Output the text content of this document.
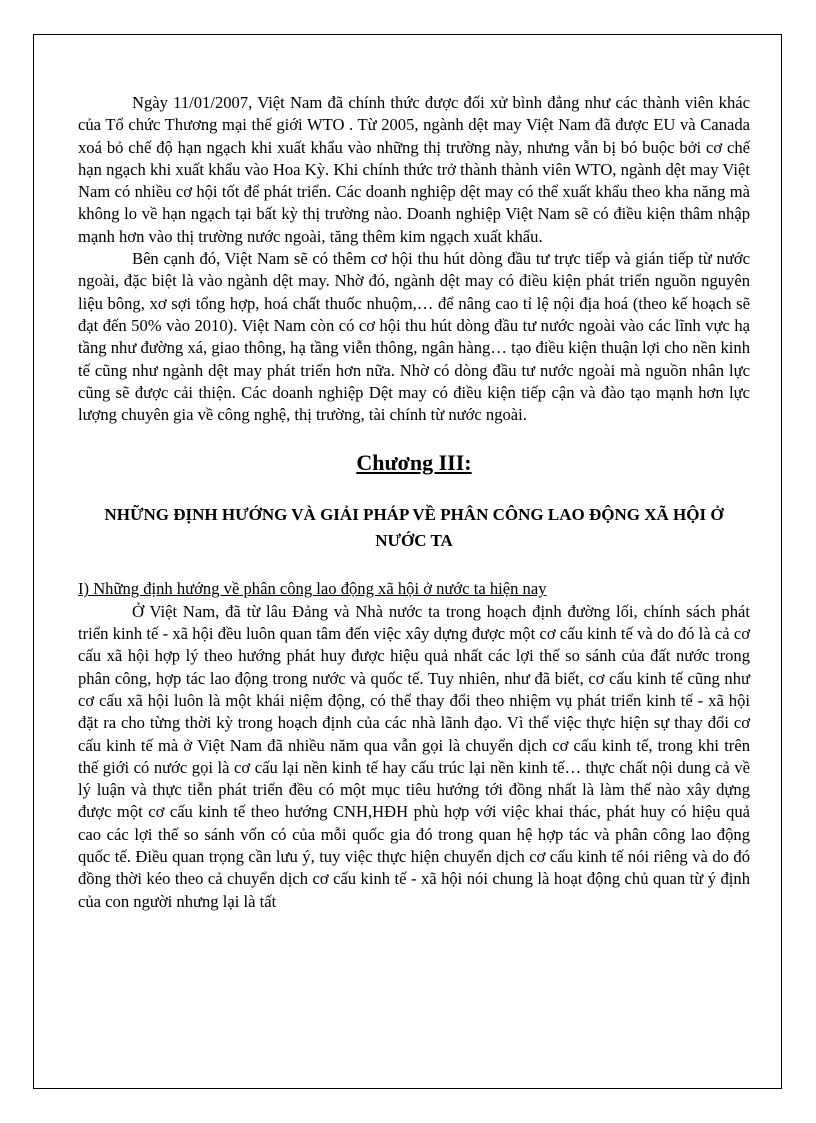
Ngày 11/01/2007, Việt Nam đã chính thức được đối xử bình đẳng như các thành viên khác của Tổ chức Thương mại thế giới WTO . Từ 2005, ngành dệt may Việt Nam đã được EU và Canada xoá bỏ chế độ hạn ngạch khi xuất khẩu vào những thị trường này, nhưng vẫn bị bó buộc bởi cơ chế hạn ngạch khi xuất khẩu vào Hoa Kỳ. Khi chính thức trở thành thành viên WTO, ngành dệt may Việt Nam có nhiều cơ hội tốt để phát triển. Các doanh nghiệp dệt may có thể xuất khẩu theo kha năng mà không lo về hạn ngạch tại bất kỳ thị trường nào. Doanh nghiệp Việt Nam sẽ có điều kiện thâm nhập mạnh hơn vào thị trường nước ngoài, tăng thêm kim ngạch xuất khẩu.

Bên cạnh đó, Việt Nam sẽ có thêm cơ hội thu hút dòng đầu tư trực tiếp và gián tiếp từ nước ngoài, đặc biệt là vào ngành dệt may. Nhờ đó, ngành dệt may có điều kiện phát triển nguồn nguyên liệu bông, xơ sợi tổng hợp, hoá chất thuốc nhuộm,… để nâng cao tỉ lệ nội địa hoá (theo kế hoạch sẽ đạt đến 50% vào 2010). Việt Nam còn có cơ hội thu hút dòng đầu tư nước ngoài vào các lĩnh vực hạ tầng như đường xá, giao thông, hạ tầng viễn thông, ngân hàng… tạo điều kiện thuận lợi cho nền kinh tế cũng như ngành dệt may phát triển hơn nữa. Nhờ có dòng đầu tư nước ngoài mà nguồn nhân lực cũng sẽ được cải thiện. Các doanh nghiệp Dệt may có điều kiện tiếp cận và đào tạo mạnh hơn lực lượng chuyên gia về công nghệ, thị trường, tài chính từ nước ngoài.

Chương III:
NHỮNG ĐỊNH HƯỚNG VÀ GIẢI PHÁP VỀ PHÂN CÔNG LAO ĐỘNG XÃ HỘI Ở NƯỚC TA
I) Những định hướng về phân công lao động xã hội ở nước ta hiện nay

Ở Việt Nam, đã từ lâu Đảng và Nhà nước ta trong hoạch định đường lối, chính sách phát triển kinh tế - xã hội đều luôn quan tâm đến việc xây dựng được một cơ cấu kinh tế và do đó là cả cơ cấu xã hội hợp lý theo hướng phát huy được hiệu quả nhất các lợi thế so sánh của đất nước trong phân công, hợp tác lao động trong nước và quốc tế. Tuy nhiên, như đã biết, cơ cấu kinh tế cũng như cơ cấu xã hội luôn là một khái niệm động, có thể thay đổi theo nhiệm vụ phát triển kinh tế - xã hội đặt ra cho từng thời kỳ trong hoạch định của các nhà lãnh đạo. Vì thế việc thực hiện sự thay đổi cơ cấu kinh tế mà ở Việt Nam đã nhiều năm qua vẫn gọi là chuyển dịch cơ cấu kinh tế, trong khi trên thế giới có nước gọi là cơ cấu lại nền kinh tế hay cấu trúc lại nền kinh tế… thực chất nội dung cả về lý luận và thực tiễn phát triển đều có một mục tiêu hướng tới đồng nhất là làm thế nào xây dựng được một cơ cấu kinh tế theo hướng CNH,HĐH phù hợp với việc khai thác, phát huy có hiệu quả cao các lợi thế so sánh vốn có của mỗi quốc gia đó trong quan hệ hợp tác và phân công lao động quốc tế. Điều quan trọng cần lưu ý, tuy việc thực hiện chuyển dịch cơ cấu kinh tế nói riêng và do đó đồng thời kéo theo cả chuyển dịch cơ cấu kinh tế - xã hội nói chung là hoạt động chủ quan từ ý định của con người nhưng lại là tất
